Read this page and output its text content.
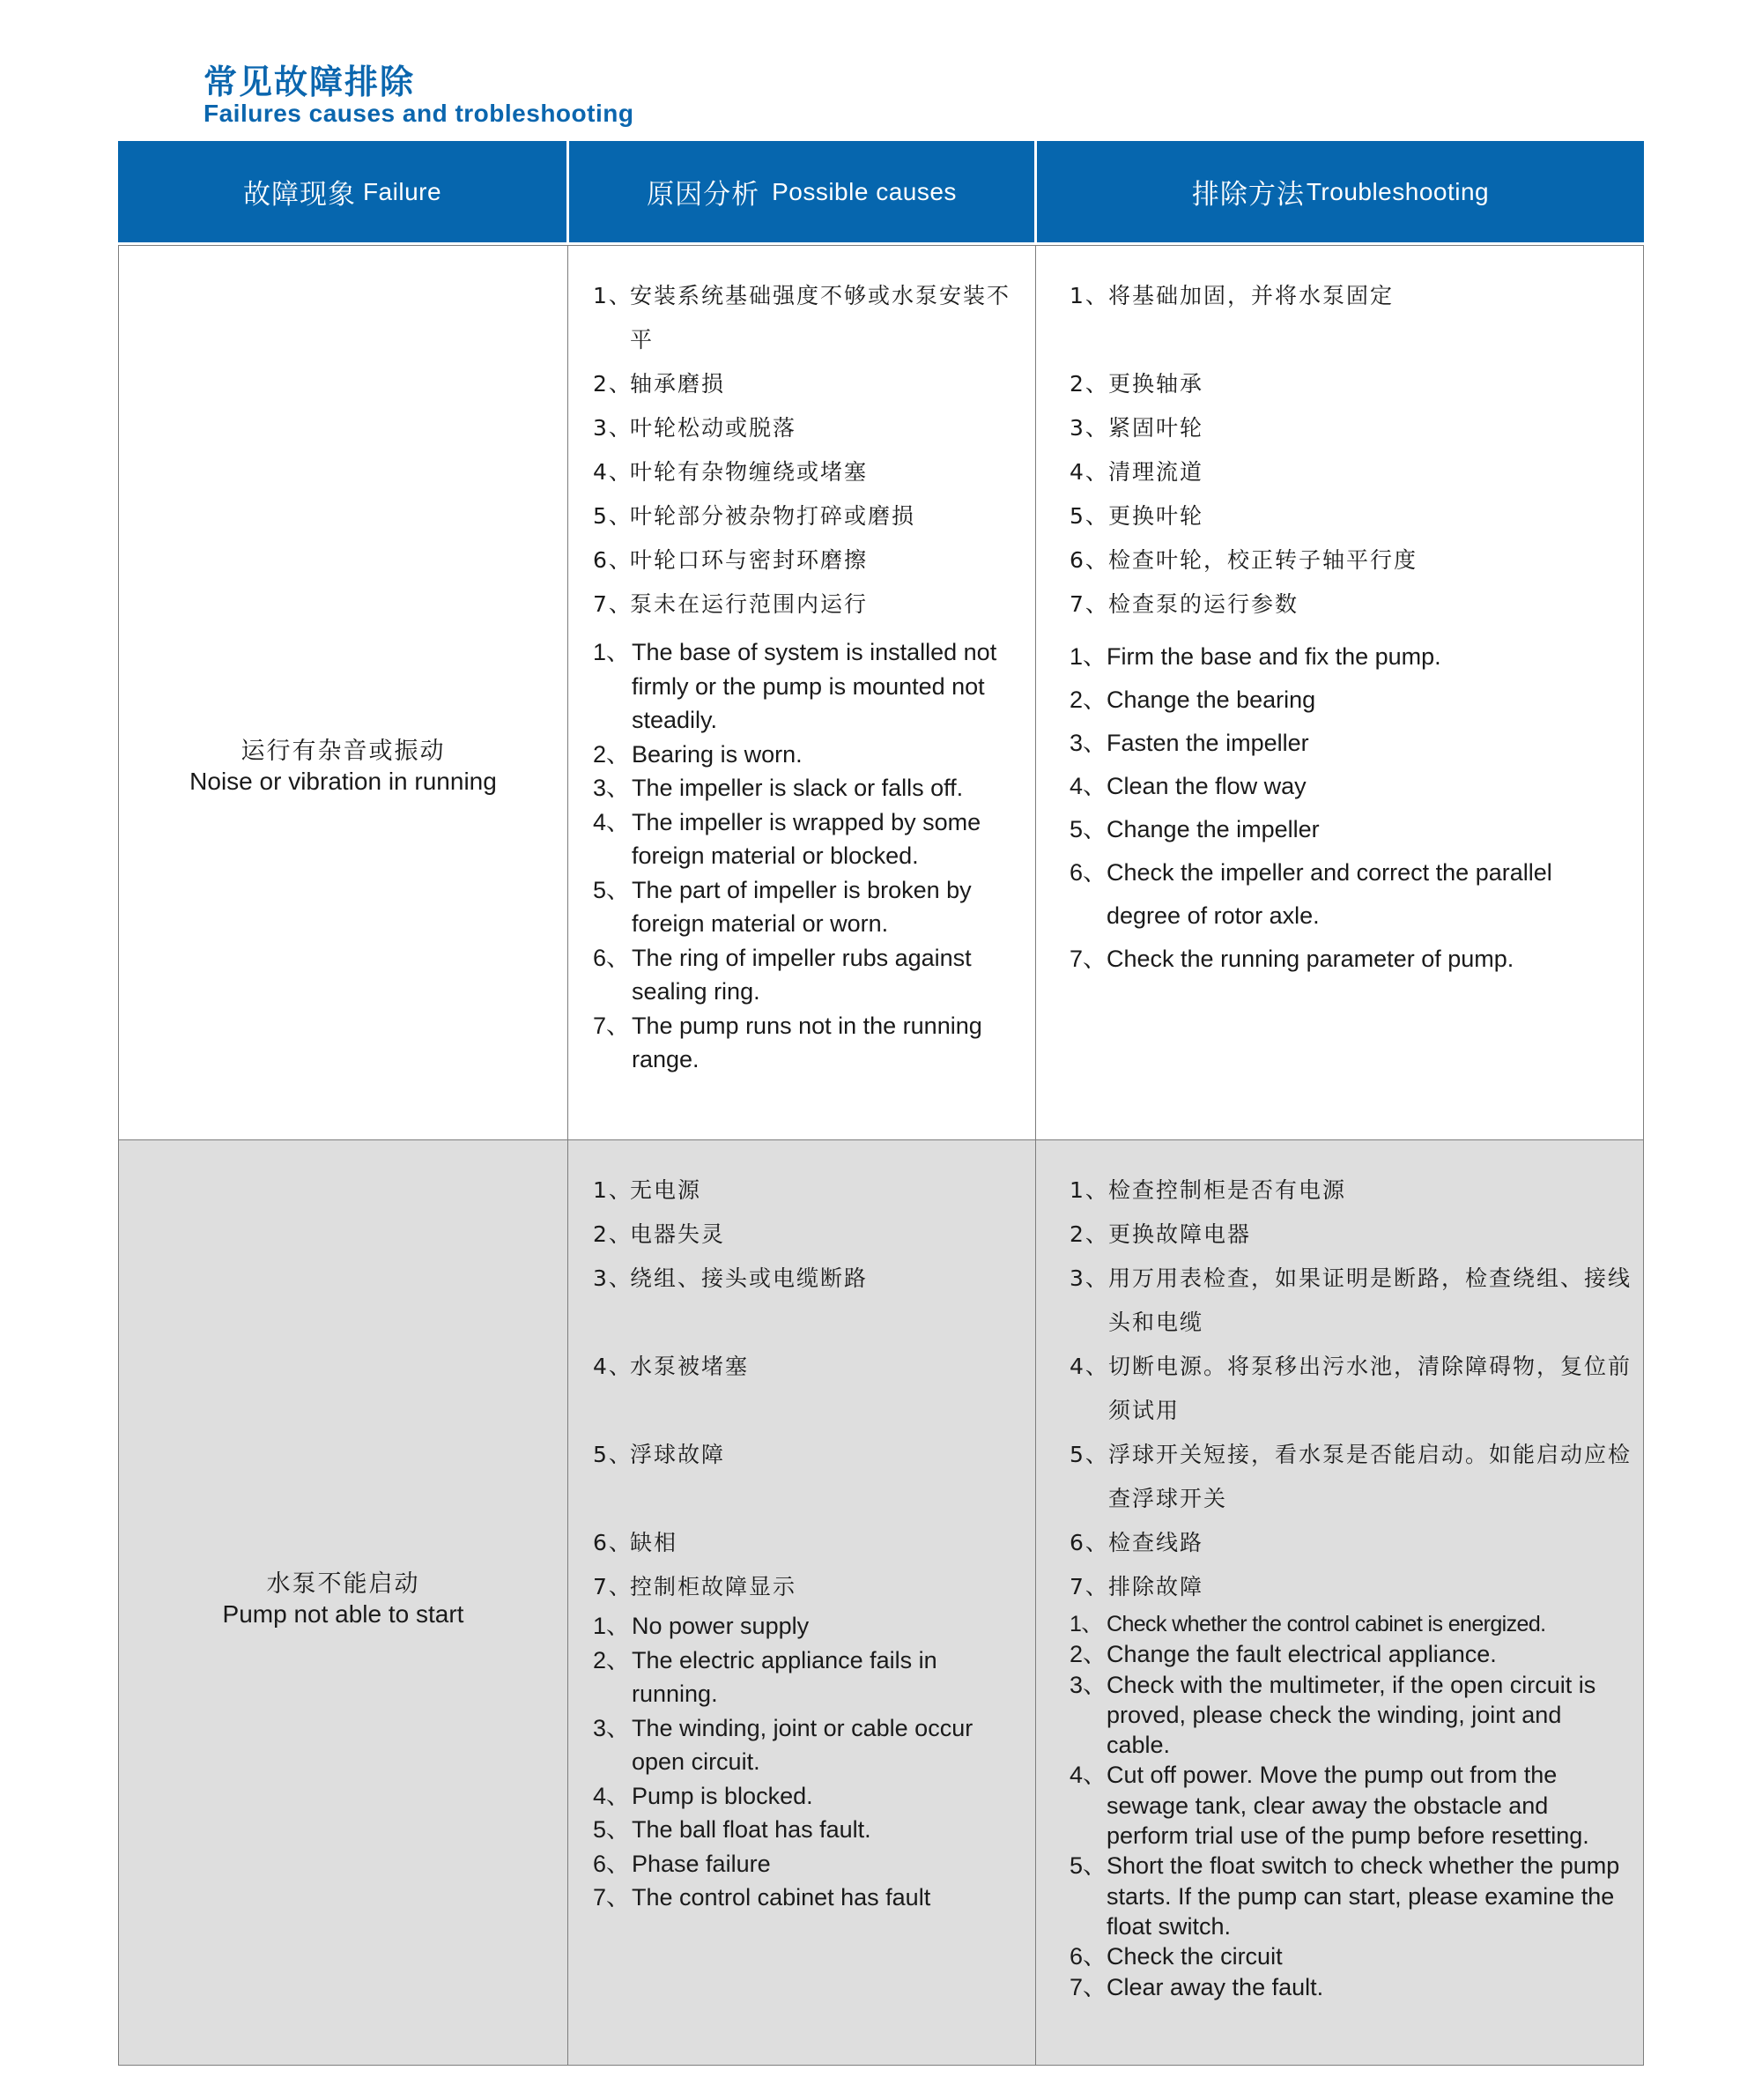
常见故障排除
Failures causes and trobleshooting
故障现象 Failure	原因分析 Possible causes	排除方法 Troubleshooting
运行有杂音或振动
Noise or vibration in running
1、
安装系统基础强度不够或水泵安装不平
2、
轴承磨损
3、
叶轮松动或脱落
4、
叶轮有杂物缠绕或堵塞
5、
叶轮部分被杂物打碎或磨损
6、
叶轮口环与密封环磨擦
7、
泵未在运行范围内运行
1、 The base of system is installed not firmly or the pump is mounted not steadily.
2、 Bearing is worn.
3、 The impeller is slack or falls off.
4、 The impeller is wrapped by some foreign material or blocked.
5、 The part of impeller is broken by foreign material or worn.
6、 The ring of impeller rubs against sealing ring.
7、 The pump runs not in the running range.
1、 将基础加固，并将水泵固定
2、 更换轴承
3、 紧固叶轮
4、 清理流道
5、 更换叶轮
6、 检查叶轮，校正转子轴平行度
7、 检查泵的运行参数
1、 Firm the base and fix the pump.
2、 Change the bearing
3、 Fasten the impeller
4、 Clean the flow way
5、 Change the impeller
6、 Check the impeller and correct the parallel degree of rotor axle.
7、 Check the running parameter of pump.
水泵不能启动
Pump not able to start
1、
无电源
2、
电器失灵
3、
绕组、接头或电缆断路
4、
水泵被堵塞
5、
浮球故障
6、
缺相
7、
控制柜故障显示
1、 No power supply
2、 The electric appliance fails in running.
3、 The winding, joint or cable occur open circuit.
4、 Pump is blocked.
5、 The ball float has fault.
6、 Phase failure
7、 The control cabinet has fault
1、 检查控制柜是否有电源
2、 更换故障电器
3、 用万用表检查，如果证明是断路，检查绕组、接线头和电缆
4、 切断电源。将泵移出污水池，清除障碍物，复位前须试用
5、 浮球开关短接，看水泵是否能启动。如能启动应检查浮球开关
6、 检查线路
7、 排除故障
1、 Check whether the control cabinet is energized.
2、 Change the fault electrical appliance.
3、 Check with the multimeter, if the open circuit is proved, please check the winding, joint and cable.
4、 Cut off power. Move the pump out from the sewage tank, clear away the obstacle and perform trial use of the pump before resetting.
5、 Short the float switch to check whether the pump starts. If the pump can start, please examine the float switch.
6、 Check the circuit
7、 Clear away the fault.
